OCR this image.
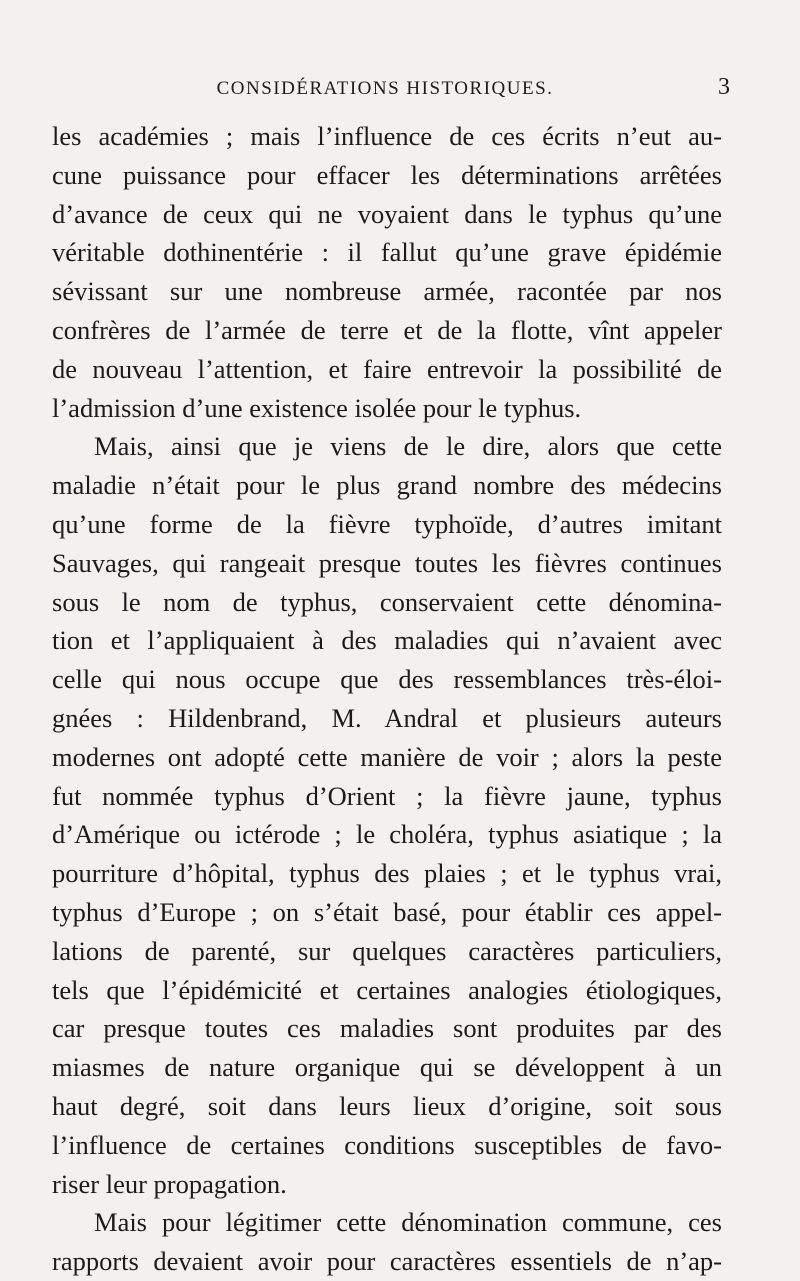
CONSIDÉRATIONS HISTORIQUES.	3
les académies ; mais l’influence de ces écrits n’eut au-
cune puissance pour effacer les déterminations arrêtées
d’avance de ceux qui ne voyaient dans le typhus qu’une
véritable dothinentérie : il fallut qu’une grave épidémie
sévissant sur une nombreuse armée, racontée par nos
confrères de l’armée de terre et de la flotte, vînt appeler
de nouveau l’attention, et faire entrevoir la possibilité de
l’admission d’une existence isolée pour le typhus.
Mais, ainsi que je viens de le dire, alors que cette
maladie n’était pour le plus grand nombre des médecins
qu’une forme de la fièvre typhoïde, d’autres imitant
Sauvages, qui rangeait presque toutes les fièvres continues
sous le nom de typhus, conservaient cette dénomina-
tion et l’appliquaient à des maladies qui n’avaient avec
celle qui nous occupe que des ressemblances très-éloi-
gnées : Hildenbrand, M. Andral et plusieurs auteurs
modernes ont adopté cette manière de voir ; alors la peste
fut nommée typhus d’Orient ; la fièvre jaune, typhus
d’Amérique ou ictérode ; le choléra, typhus asiatique ; la
pourriture d’hôpital, typhus des plaies ; et le typhus vrai,
typhus d’Europe ; on s’était basé, pour établir ces appel-
lations de parenté, sur quelques caractères particuliers,
tels que l’épidémicité et certaines analogies étiologiques,
car presque toutes ces maladies sont produites par des
miasmes de nature organique qui se développent à un
haut degré, soit dans leurs lieux d’origine, soit sous
l’influence de certaines conditions susceptibles de favo-
riser leur propagation.
Mais pour légitimer cette dénomination commune, ces
rapports devaient avoir pour caractères essentiels de n’ap-
